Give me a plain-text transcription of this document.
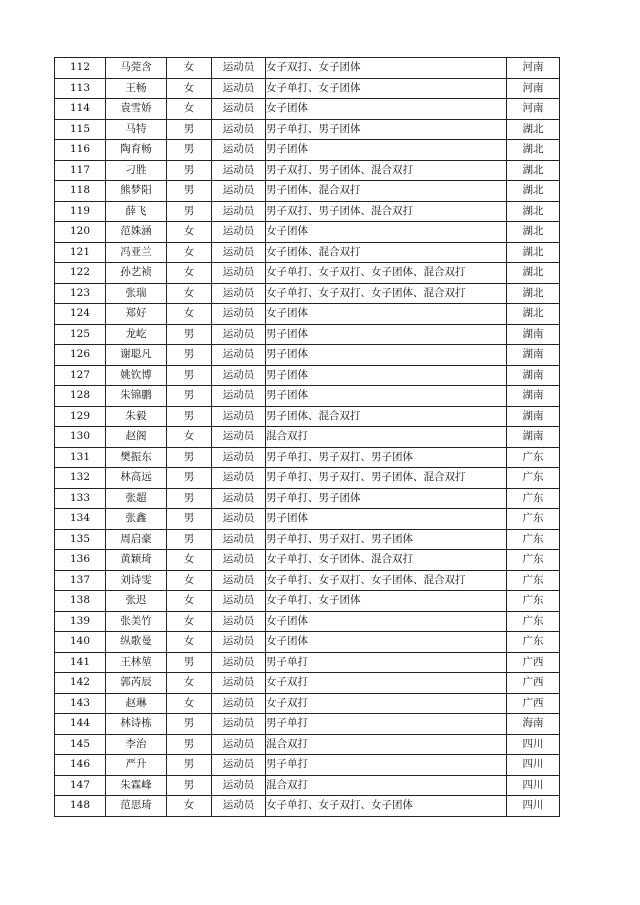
112	马莞含	女	运动员	女子双打、女子团体	河南
113	王畅	女	运动员	女子单打、女子团体	河南
114	袁雪娇	女	运动员	女子团体	河南
115	马特	男	运动员	男子单打、男子团体	湖北
116	陶育畅	男	运动员	男子团体	湖北
117	刁胜	男	运动员	男子双打、男子团体、混合双打	湖北
118	熊梦阳	男	运动员	男子团体、混合双打	湖北
119	薛飞	男	运动员	男子双打、男子团体、混合双打	湖北
120	范姝涵	女	运动员	女子团体	湖北
121	冯亚兰	女	运动员	女子团体、混合双打	湖北
122	孙艺祯	女	运动员	女子单打、女子双打、女子团体、混合双打	湖北
123	张瑞	女	运动员	女子单打、女子双打、女子团体、混合双打	湖北
124	郑好	女	运动员	女子团体	湖北
125	龙屹	男	运动员	男子团体	湖南
126	谢聪凡	男	运动员	男子团体	湖南
127	姚钦博	男	运动员	男子团体	湖南
128	朱锦鹏	男	运动员	男子团体	湖南
129	朱毅	男	运动员	男子团体、混合双打	湖南
130	赵阁	女	运动员	混合双打	湖南
131	樊振东	男	运动员	男子单打、男子双打、男子团体	广东
132	林高远	男	运动员	男子单打、男子双打、男子团体、混合双打	广东
133	张超	男	运动员	男子单打、男子团体	广东
134	张鑫	男	运动员	男子团体	广东
135	周启豪	男	运动员	男子单打、男子双打、男子团体	广东
136	黄颖琦	女	运动员	女子单打、女子团体、混合双打	广东
137	刘诗雯	女	运动员	女子单打、女子双打、女子团体、混合双打	广东
138	张迟	女	运动员	女子单打、女子团体	广东
139	张美竹	女	运动员	女子团体	广东
140	纵歌曼	女	运动员	女子团体	广东
141	王林堃	男	运动员	男子单打	广西
142	郭芮辰	女	运动员	女子双打	广西
143	赵琳	女	运动员	女子双打	广西
144	林诗栋	男	运动员	男子单打	海南
145	李治	男	运动员	混合双打	四川
146	严升	男	运动员	男子单打	四川
147	朱霖峰	男	运动员	混合双打	四川
148	范思琦	女	运动员	女子单打、女子双打、女子团体	四川
